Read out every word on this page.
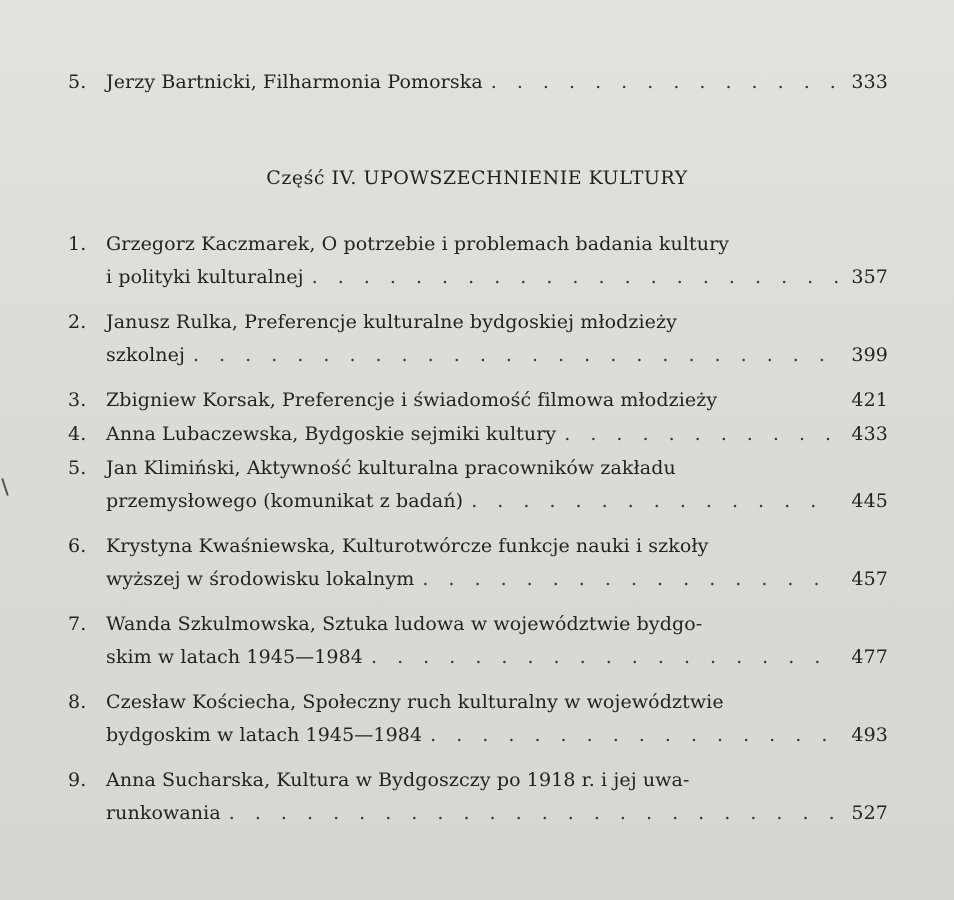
5.	Jerzy Bartnicki, Filharmonia Pomorska . . .	333
Część IV. UPOWSZECHNIENIE KULTURY
1.	Grzegorz Kaczmarek, O potrzebie i problemach badania kultury
i polityki kulturalnej . . .	357
2.	Janusz Rulka, Preferencje kulturalne bydgoskiej młodzieży
szkolnej . . .	399
3.	Zbigniew Korsak, Preferencje i świadomość filmowa młodzieży	421
4.	Anna Lubaczewska, Bydgoskie sejmiki kultury . . .	433
5.	Jan Klimiński, Aktywność kulturalna pracowników zakładu
przemysłowego (komunikat z badań) . . .	445
6.	Krystyna Kwaśniewska, Kulturotwórcze funkcje nauki i szkoły
wyższej w środowisku lokalnym . . .	457
7.	Wanda Szkulmowska, Sztuka ludowa w województwie bydgo-
skim w latach 1945—1984 . . .	477
8.	Czesław Kościecha, Społeczny ruch kulturalny w województwie
bydgoskim w latach 1945—1984 . . .	493
9.	Anna Sucharska, Kultura w Bydgoszczy po 1918 r. i jej uwa-
runkowania . . .	527
